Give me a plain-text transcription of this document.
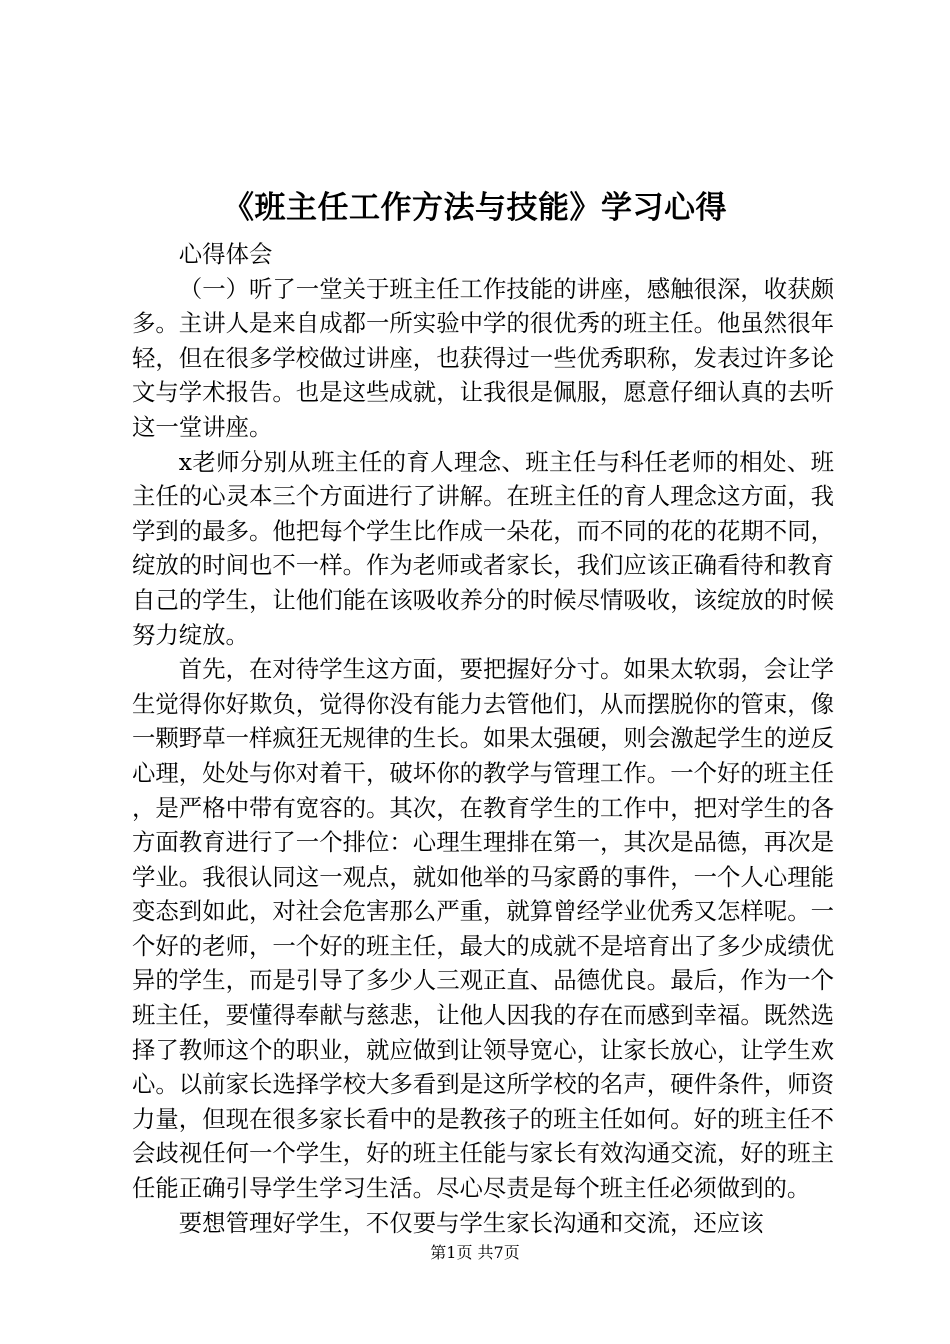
《班主任工作方法与技能》学习心得

心得体会

（一）听了一堂关于班主任工作技能的讲座，感触很深，收获颇多。主讲人是来自成都一所实验中学的很优秀的班主任。他虽然很年轻，但在很多学校做过讲座，也获得过一些优秀职称，发表过许多论文与学术报告。也是这些成就，让我很是佩服，愿意仔细认真的去听这一堂讲座。

x老师分别从班主任的育人理念、班主任与科任老师的相处、班主任的心灵本三个方面进行了讲解。在班主任的育人理念这方面，我学到的最多。他把每个学生比作成一朵花，而不同的花的花期不同，绽放的时间也不一样。作为老师或者家长，我们应该正确看待和教育自己的学生，让他们能在该吸收养分的时候尽情吸收，该绽放的时候努力绽放。

首先，在对待学生这方面，要把握好分寸。如果太软弱，会让学生觉得你好欺负，觉得你没有能力去管他们，从而摆脱你的管束，像一颗野草一样疯狂无规律的生长。如果太强硬，则会激起学生的逆反心理，处处与你对着干，破坏你的教学与管理工作。一个好的班主任，是严格中带有宽容的。其次，在教育学生的工作中，把对学生的各方面教育进行了一个排位：心理生理排在第一，其次是品德，再次是学业。我很认同这一观点，就如他举的马家爵的事件，一个人心理能变态到如此，对社会危害那么严重，就算曾经学业优秀又怎样呢。一个好的老师，一个好的班主任，最大的成就不是培育出了多少成绩优异的学生，而是引导了多少人三观正直、品德优良。最后，作为一个班主任，要懂得奉献与慈悲，让他人因我的存在而感到幸福。既然选择了教师这个的职业，就应做到让领导宽心，让家长放心，让学生欢心。以前家长选择学校大多看到是这所学校的名声，硬件条件，师资力量，但现在很多家长看中的是教孩子的班主任如何。好的班主任不会歧视任何一个学生，好的班主任能与家长有效沟通交流，好的班主任能正确引导学生学习生活。尽心尽责是每个班主任必须做到的。

要想管理好学生，不仅要与学生家长沟通和交流，还应该

第1页 共7页
